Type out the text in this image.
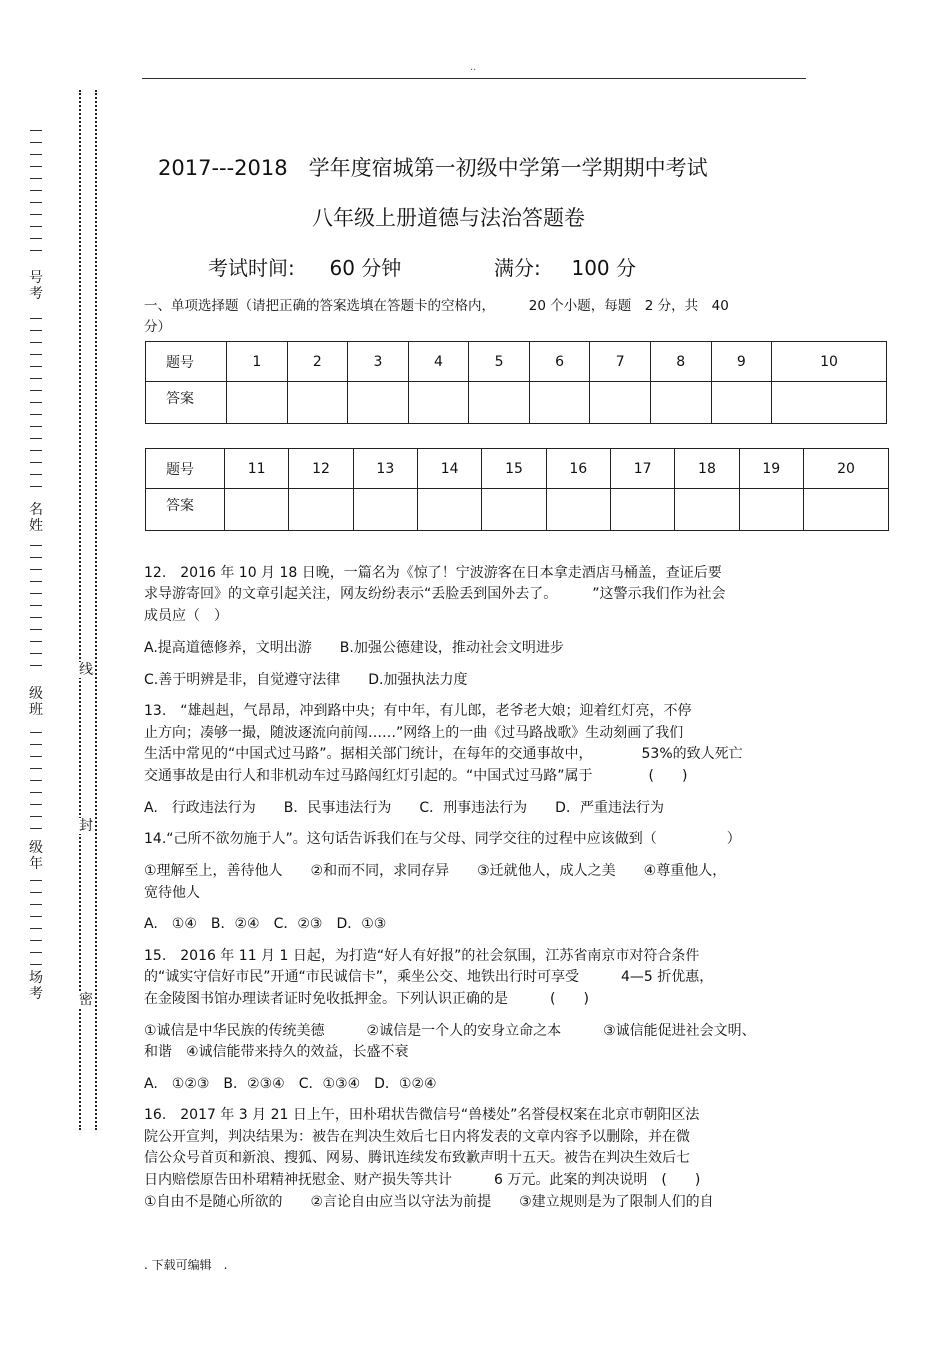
..
号考
名姓
级班
级年
场考
线
封
密
2017---2018　学年度宿城第一初级中学第一学期期中考试
八年级上册道德与法治答题卷
考试时间: 60 分钟	满分: 100 分
一、单项选择题（请把正确的答案选填在答题卡的空格内，　　　20 个小题，每题　2 分，共　40
分）
题号	1	2	3	4	5	6	7	8	9	10
答案										
题号	11	12	13	14	15	16	17	18	19	20
答案										
12.　2016 年 10 月 18 日晚，一篇名为《惊了！宁波游客在日本拿走酒店马桶盖，查证后要
求导游寄回》的文章引起关注，网友纷纷表示“丢脸丢到国外去了。　　　”这警示我们作为社会
成员应（　）
A.提高道德修养，文明出游　　B.加强公德建设，推动社会文明进步
C.善于明辨是非，自觉遵守法律　　D.加强执法力度
13.　“雄赳赳，气昂昂，冲到路中央；有中年，有儿郎，老爷老大娘；迎着红灯亮，不停
止方向；凑够一撮，随波逐流向前闯……”网络上的一曲《过马路战歌》生动刻画了我们
生活中常见的“中国式过马路”。据相关部门统计，在每年的交通事故中，　　　　53%的致人死亡
交通事故是由行人和非机动车过马路闯红灯引起的。“中国式过马路”属于　　　　(　　)
A.　行政违法行为　　B．民事违法行为　　C．刑事违法行为　　D．严重违法行为
14.“己所不欲勿施于人”。这句话告诉我们在与父母、同学交往的过程中应该做到（　　　　　）
①理解至上，善待他人　　②和而不同，求同存异　　③迁就他人，成人之美　　④尊重他人，
宽待他人
A.　①④　B．②④　C．②③　D．①③
15.　2016 年 11 月 1 日起，为打造“好人有好报”的社会氛围，江苏省南京市对符合条件
的“诚实守信好市民”开通“市民诚信卡”，乘坐公交、地铁出行时可享受　　　4—5 折优惠，
在金陵图书馆办理读者证时免收抵押金。下列认识正确的是　　　(　　)
①诚信是中华民族的传统美德　　　②诚信是一个人的安身立命之本　　　③诚信能促进社会文明、
和谐　④诚信能带来持久的效益，长盛不衰
A.　①②③　B．②③④　C．①③④　D．①②④
16.　2017 年 3 月 21 日上午，田朴珺状告微信号“兽楼处”名誉侵权案在北京市朝阳区法
院公开宣判，判决结果为：被告在判决生效后七日内将发表的文章内容予以删除，并在微
信公众号首页和新浪、搜狐、网易、腾讯连续发布致歉声明十五天。被告在判决生效后七
日内赔偿原告田朴珺精神抚慰金、财产损失等共计　　　6 万元。此案的判决说明　(　　)
①自由不是随心所欲的　　②言论自由应当以守法为前提　　③建立规则是为了限制人们的自
. 下载可编辑　.
